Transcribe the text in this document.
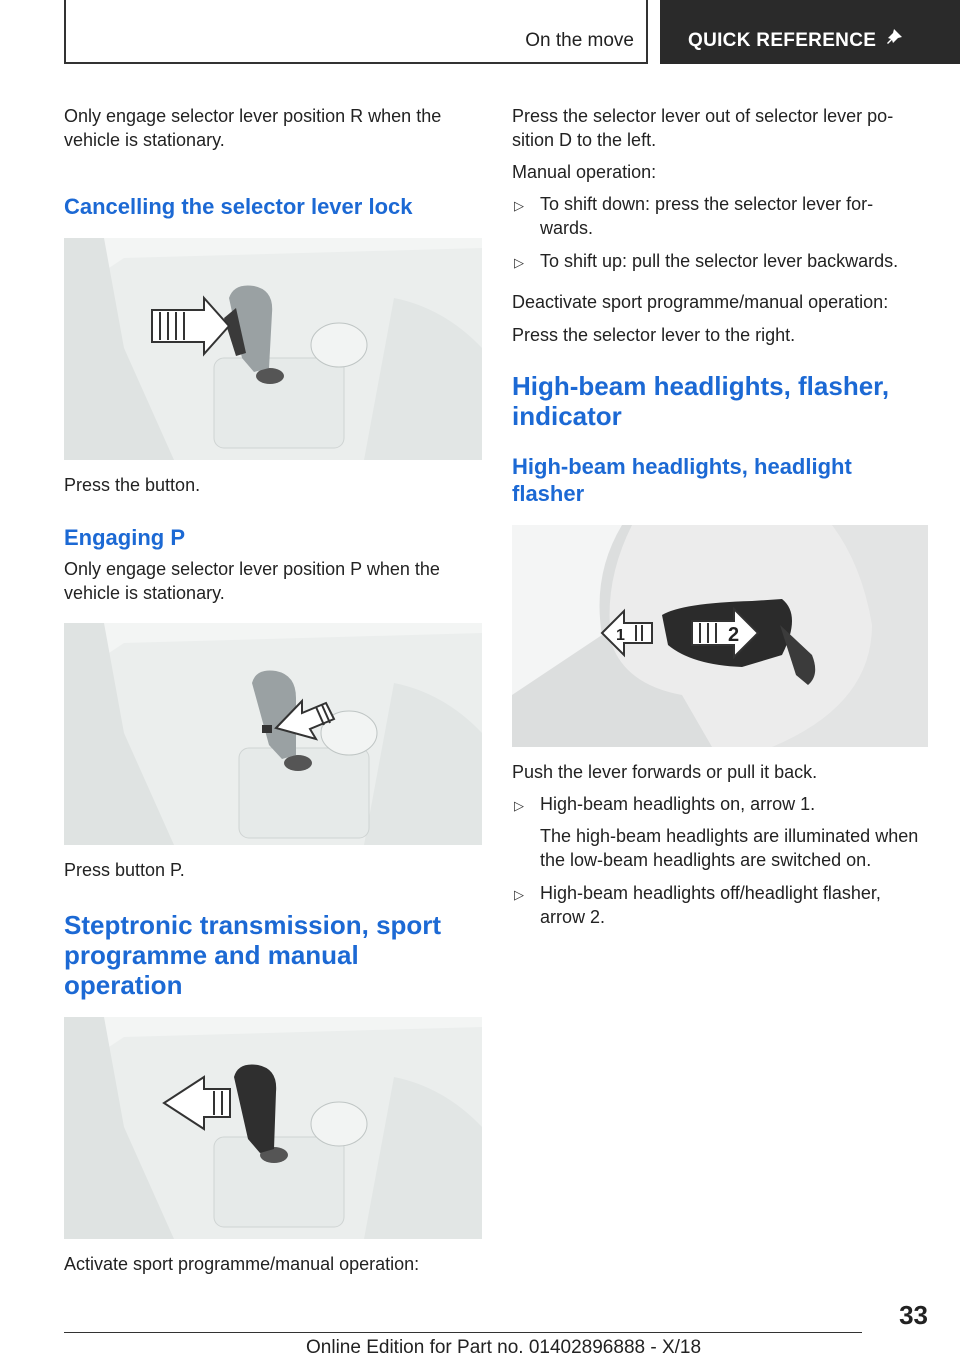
On the move	QUICK REFERENCE

Only engage selector lever position R when the vehicle is stationary.

Cancelling the selector lever lock

Press the button.

Engaging P

Only engage selector lever position P when the vehicle is stationary.

Press button P.

Steptronic transmission, sport programme and manual operation

Activate sport programme/manual operation:

Press the selector lever out of selector lever position D to the left.

Manual operation:

▷ To shift down: press the selector lever forwards.
▷ To shift up: pull the selector lever backwards.

Deactivate sport programme/manual operation:

Press the selector lever to the right.

High-beam headlights, flasher, indicator
High-beam headlights, headlight flasher
1	2

Push the lever forwards or pull it back.

▷ High-beam headlights on, arrow 1.
The high-beam headlights are illuminated when the low-beam headlights are switched on.
▷ High-beam headlights off/headlight flasher, arrow 2.
33
Online Edition for Part no. 01402896888 - X/18
